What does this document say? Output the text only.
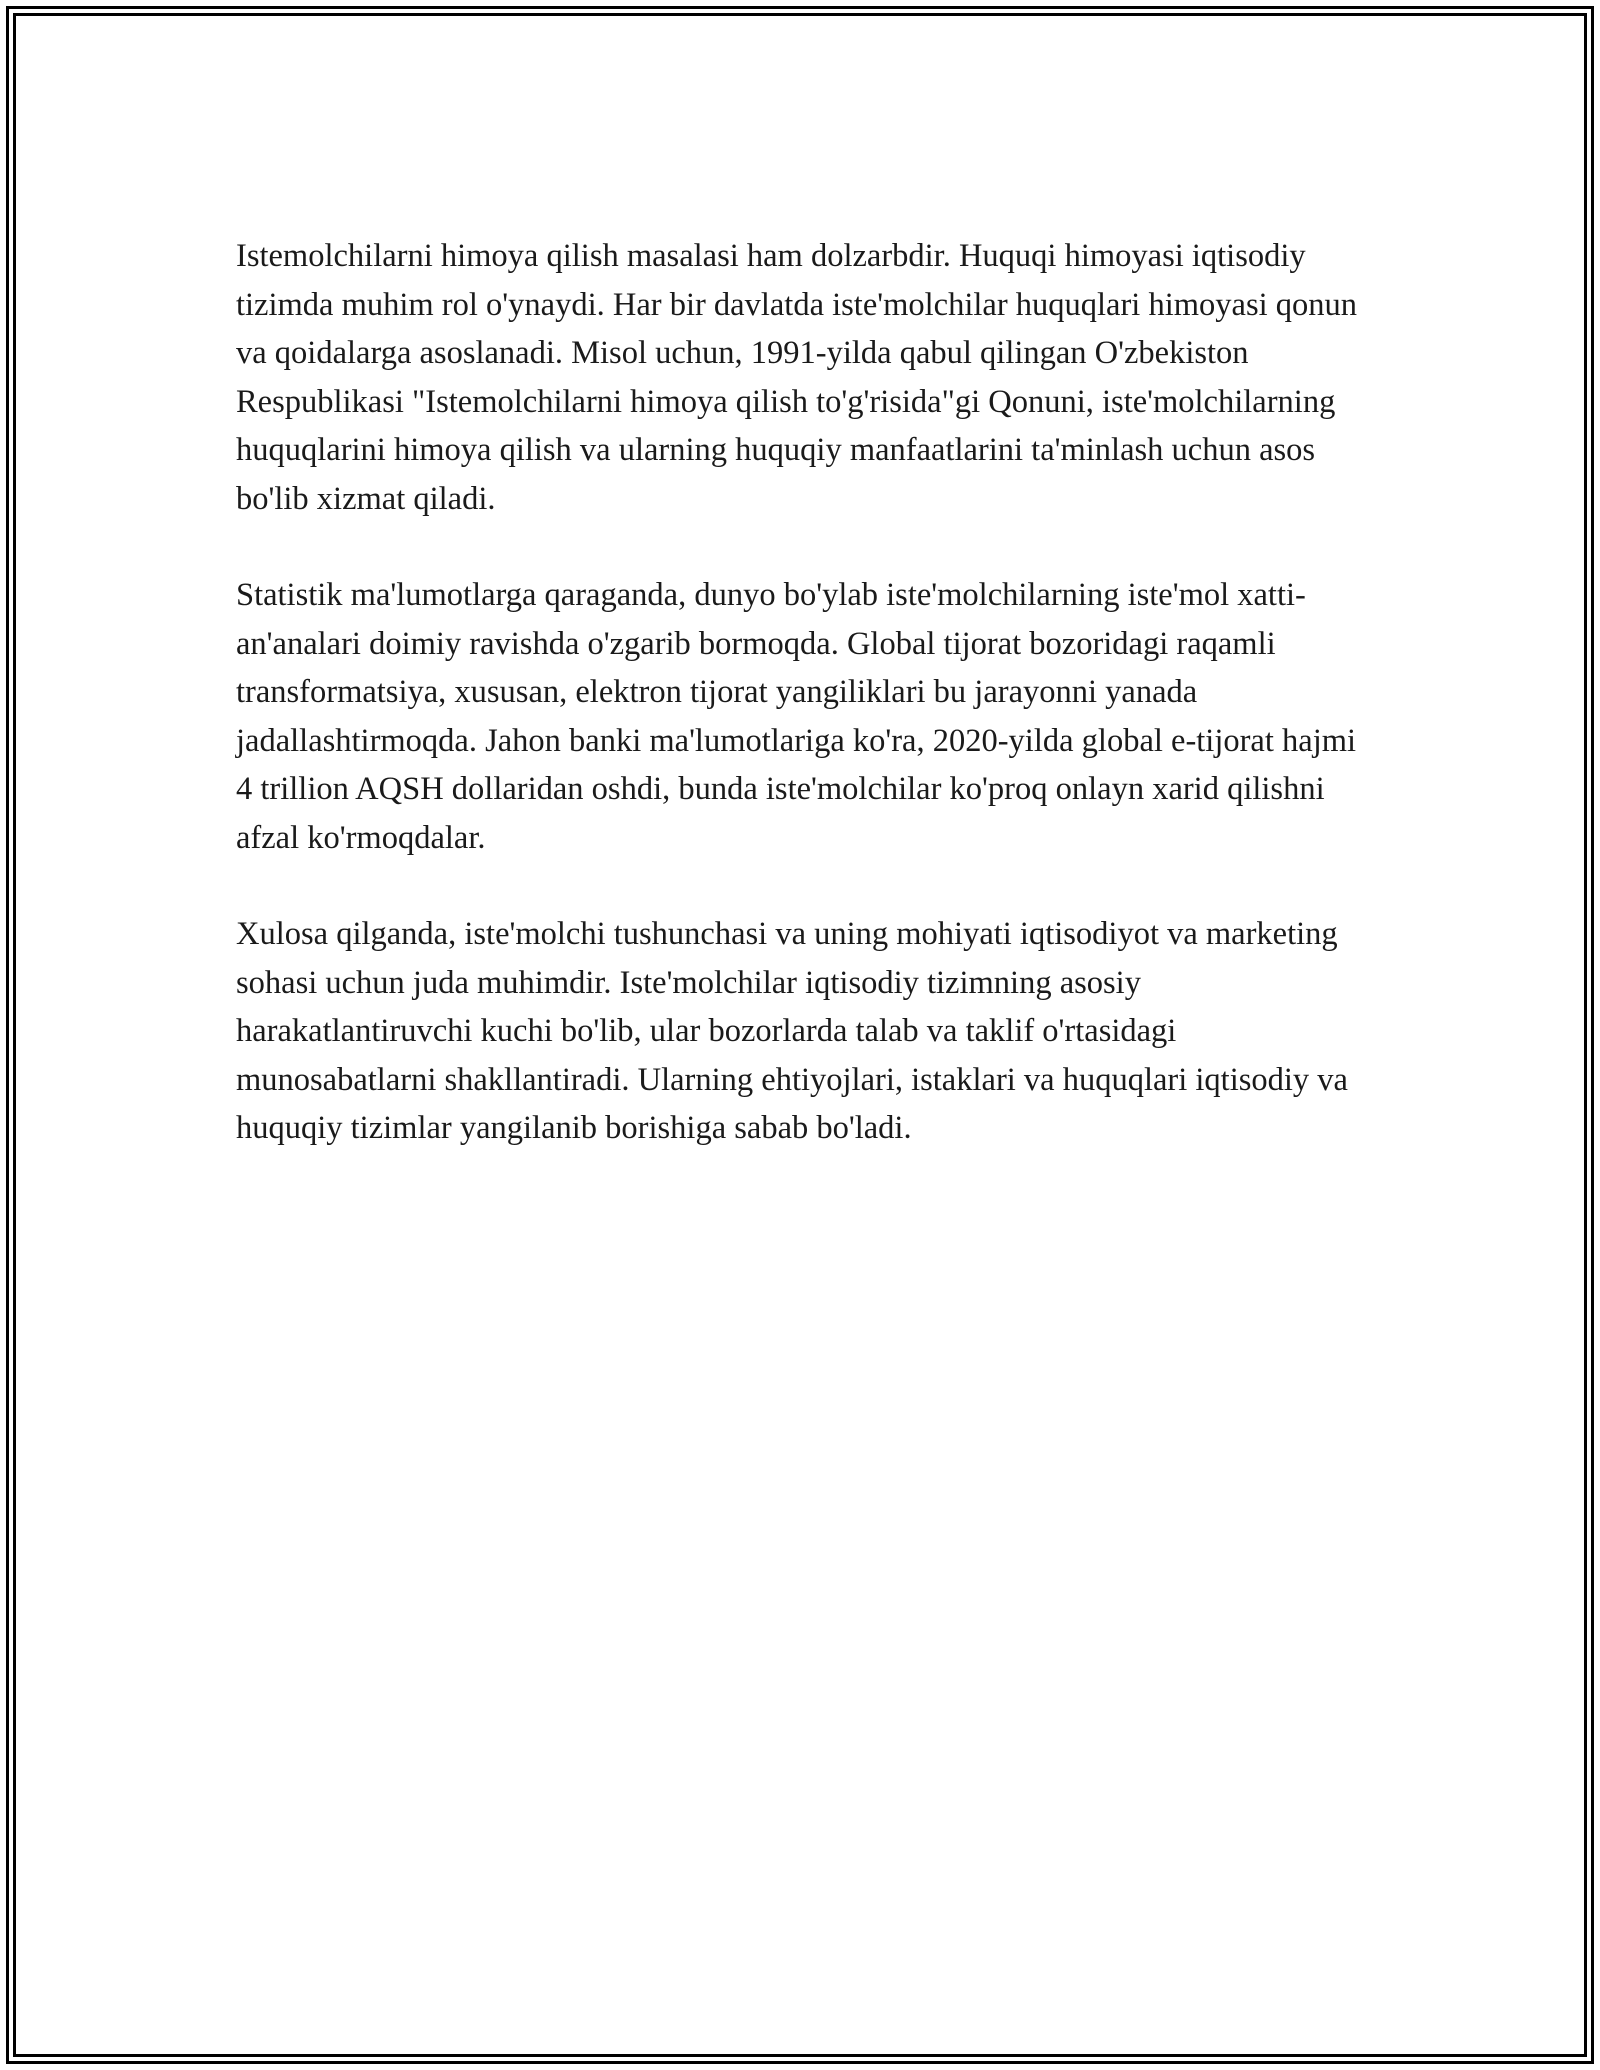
Istemolchilarni himoya qilish masalasi ham dolzarbdir. Huquqi himoyasi iqtisodiy tizimda muhim rol o'ynaydi. Har bir davlatda iste'molchilar huquqlari himoyasi qonun va qoidalarga asoslanadi. Misol uchun, 1991-yilda qabul qilingan O'zbekiston Respublikasi "Istemolchilarni himoya qilish to'g'risida"gi Qonuni, iste'molchilarning huquqlarini himoya qilish va ularning huquqiy manfaatlarini ta'minlash uchun asos bo'lib xizmat qiladi.

Statistik ma'lumotlarga qaraganda, dunyo bo'ylab iste'molchilarning iste'mol xatti-an'analari doimiy ravishda o'zgarib bormoqda. Global tijorat bozoridagi raqamli transformatsiya, xususan, elektron tijorat yangiliklari bu jarayonni yanada jadallashtirmoqda. Jahon banki ma'lumotlariga ko'ra, 2020-yilda global e-tijorat hajmi 4 trillion AQSH dollaridan oshdi, bunda iste'molchilar ko'proq onlayn xarid qilishni afzal ko'rmoqdalar.

Xulosa qilganda, iste'molchi tushunchasi va uning mohiyati iqtisodiyot va marketing sohasi uchun juda muhimdir. Iste'molchilar iqtisodiy tizimning asosiy harakatlantiruvchi kuchi bo'lib, ular bozorlarda talab va taklif o'rtasidagi munosabatlarni shakllantiradi. Ularning ehtiyojlari, istaklari va huquqlari iqtisodiy va huquqiy tizimlar yangilanib borishiga sabab bo'ladi.
